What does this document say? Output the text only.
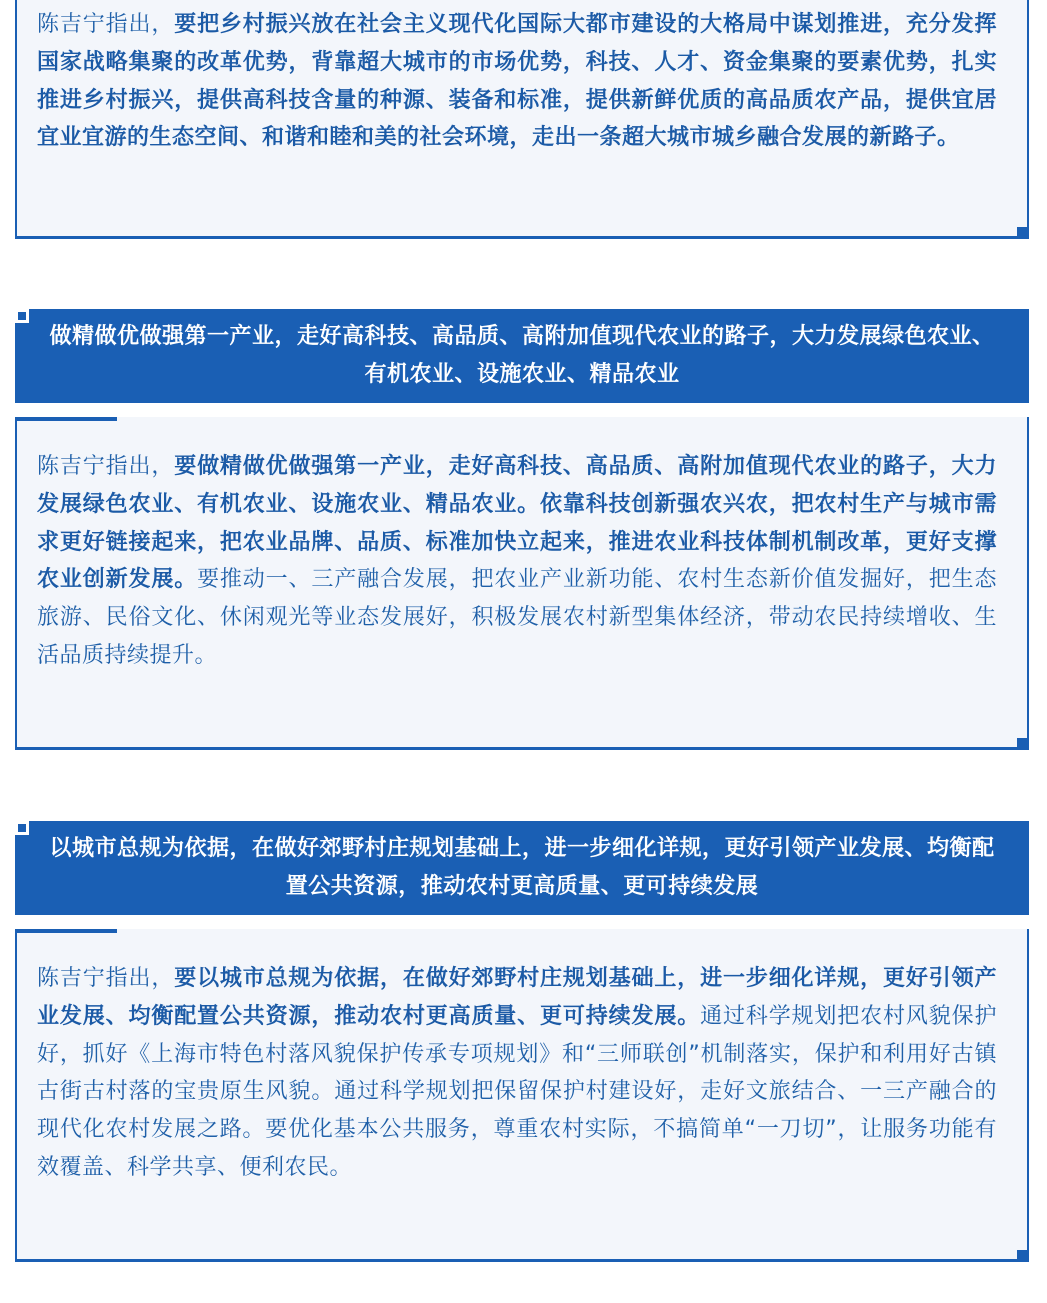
陈吉宁指出，要把乡村振兴放在社会主义现代化国际大都市建设的大格局中谋划推进，充分发挥国家战略集聚的改革优势，背靠超大城市的市场优势，科技、人才、资金集聚的要素优势，扎实推进乡村振兴，提供高科技含量的种源、装备和标准，提供新鲜优质的高品质农产品，提供宜居宜业宜游的生态空间、和谐和睦和美的社会环境，走出一条超大城市城乡融合发展的新路子。

做精做优做强第一产业，走好高科技、高品质、高附加值现代农业的路子，大力发展绿色农业、有机农业、设施农业、精品农业

陈吉宁指出，要做精做优做强第一产业，走好高科技、高品质、高附加值现代农业的路子，大力发展绿色农业、有机农业、设施农业、精品农业。依靠科技创新强农兴农，把农村生产与城市需求更好链接起来，把农业品牌、品质、标准加快立起来，推进农业科技体制机制改革，更好支撑农业创新发展。要推动一、三产融合发展，把农业产业新功能、农村生态新价值发掘好，把生态旅游、民俗文化、休闲观光等业态发展好，积极发展农村新型集体经济，带动农民持续增收、生活品质持续提升。

以城市总规为依据，在做好郊野村庄规划基础上，进一步细化详规，更好引领产业发展、均衡配置公共资源，推动农村更高质量、更可持续发展

陈吉宁指出，要以城市总规为依据，在做好郊野村庄规划基础上，进一步细化详规，更好引领产业发展、均衡配置公共资源，推动农村更高质量、更可持续发展。通过科学规划把农村风貌保护好，抓好《上海市特色村落风貌保护传承专项规划》和“三师联创”机制落实，保护和利用好古镇古街古村落的宝贵原生风貌。通过科学规划把保留保护村建设好，走好文旅结合、一三产融合的现代化农村发展之路。要优化基本公共服务，尊重农村实际，不搞简单“一刀切”，让服务功能有效覆盖、科学共享、便利农民。
